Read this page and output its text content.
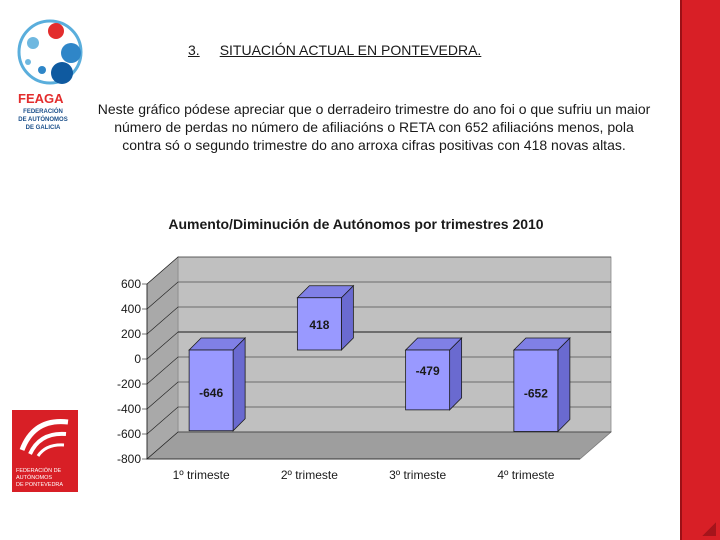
FEAGA
FEDERACIÓN
DE AUTÓNOMOS
DE GALICIA
FEDERACIÓN DE
AUTÓNOMOS
DE PONTEVEDRA
3. SITUACIÓN ACTUAL EN PONTEVEDRA.
Neste gráfico pódese apreciar que o derradeiro trimestre do ano foi o que sufriu un maior número de perdas no número de afiliacións o RETA con 652 afiliacións menos, pola contra só o segundo trimestre do ano arroxa cifras positivas con 418 novas altas.
600
400
200
0
-200
-400
-600
-800
-646
1º trimeste
418
2º trimeste
-479
3º trimeste
-652
4º trimeste
Aumento/Diminución de Autónomos por trimestres 2010
